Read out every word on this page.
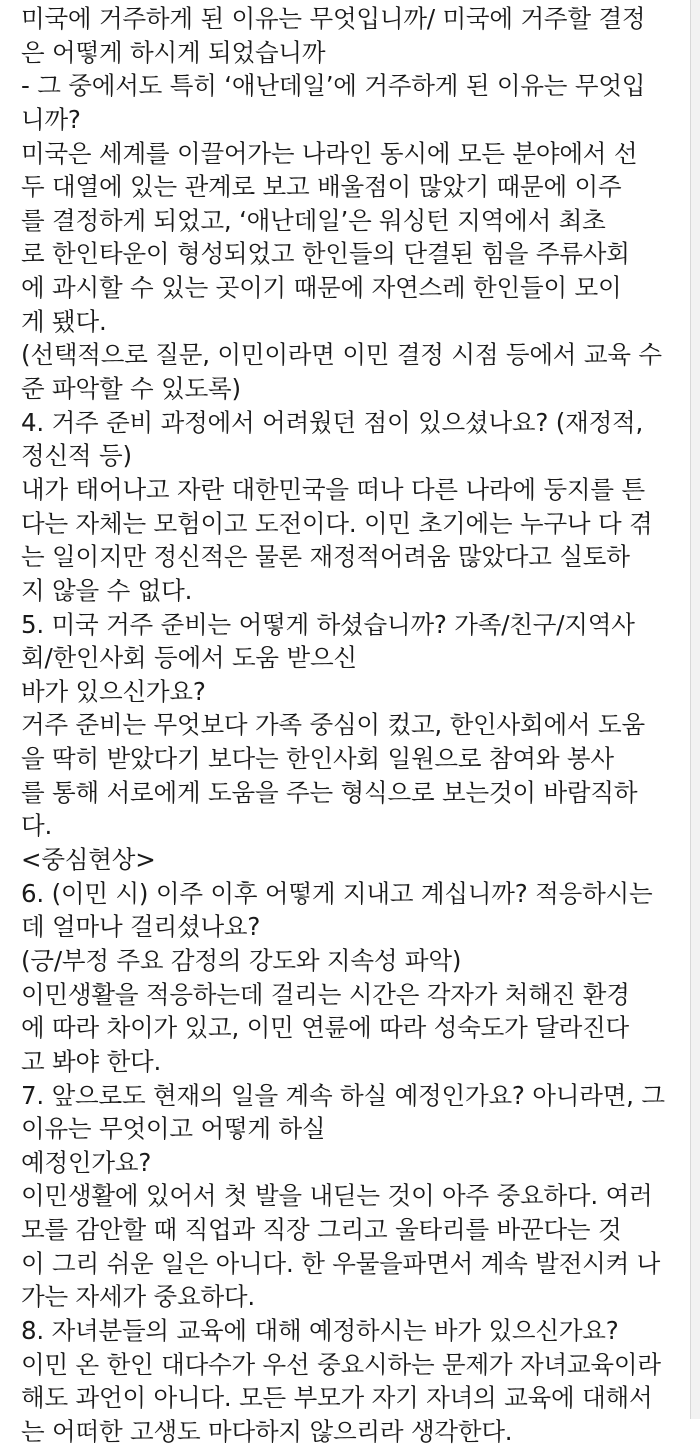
미국에 거주하게 된 이유는 무엇입니까/ 미국에 거주할 결정
은 어떻게 하시게 되었습니까
- 그 중에서도 특히 ‘애난데일’에 거주하게 된 이유는 무엇입
니까?
미국은 세계를 이끌어가는 나라인 동시에 모든 분야에서 선
두 대열에 있는 관계로 보고 배울점이 많았기 때문에 이주
를 결정하게 되었고, ‘애난데일’은 워싱턴 지역에서 최초
로 한인타운이 형성되었고 한인들의 단결된 힘을 주류사회
에 과시할 수 있는 곳이기 때문에 자연스레 한인들이 모이
게 됐다.
(선택적으로 질문, 이민이라면 이민 결정 시점 등에서 교육 수
준 파악할 수 있도록)
4. 거주 준비 과정에서 어려웠던 점이 있으셨나요? (재정적,
정신적 등)
내가 태어나고 자란 대한민국을 떠나 다른 나라에 둥지를 튼
다는 자체는 모험이고 도전이다. 이민 초기에는 누구나 다 겪
는 일이지만 정신적은 물론 재정적어려움 많았다고 실토하
지 않을 수 없다.
5. 미국 거주 준비는 어떻게 하셨습니까? 가족/친구/지역사
회/한인사회 등에서 도움 받으신
바가 있으신가요?
거주 준비는 무엇보다 가족 중심이 컸고, 한인사회에서 도움
을 딱히 받았다기 보다는 한인사회 일원으로 참여와 봉사
를 통해 서로에게 도움을 주는 형식으로 보는것이 바람직하
다.
<중심현상>
6. (이민 시) 이주 이후 어떻게 지내고 계십니까? 적응하시는
데 얼마나 걸리셨나요?
(긍/부정 주요 감정의 강도와 지속성 파악)
이민생활을 적응하는데 걸리는 시간은 각자가 처해진 환경
에 따라 차이가 있고, 이민 연륜에 따라 성숙도가 달라진다
고 봐야 한다.
7. 앞으로도 현재의 일을 계속 하실 예정인가요? 아니라면, 그
이유는 무엇이고 어떻게 하실
예정인가요?
이민생활에 있어서 첫 발을 내딛는 것이 아주 중요하다. 여러
모를 감안할 때 직업과 직장 그리고 울타리를 바꾼다는 것
이 그리 쉬운 일은 아니다. 한 우물을파면서 계속 발전시켜 나
가는 자세가 중요하다.
8. 자녀분들의 교육에 대해 예정하시는 바가 있으신가요?
이민 온 한인 대다수가 우선 중요시하는 문제가 자녀교육이라
해도 과언이 아니다. 모든 부모가 자기 자녀의 교육에 대해서
는 어떠한 고생도 마다하지 않으리라 생각한다.
